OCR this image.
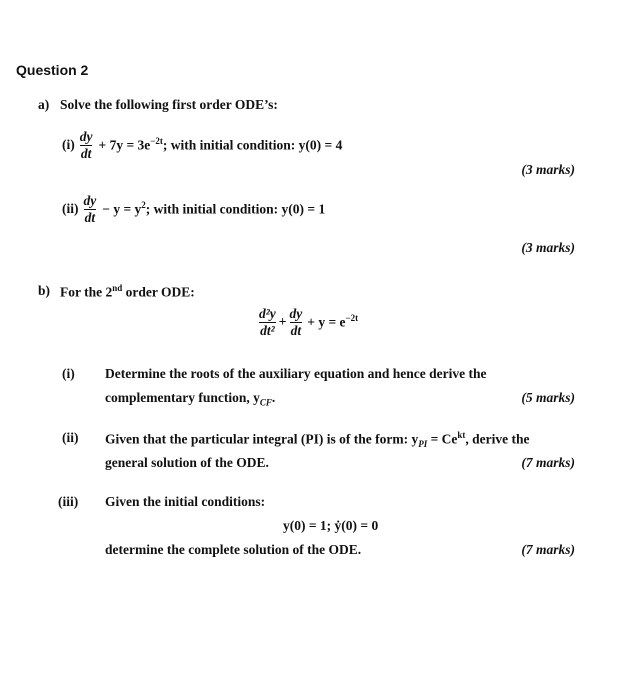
Question 2
a) Solve the following first order ODE’s:
$(i) \frac{dy}{dt} + 7y = 3e^{-2t}$; with initial condition: y(0) = 4
(3 marks)
$(ii) \frac{dy}{dt} - y = y^2$; with initial condition: y(0) = 1
(3 marks)
b) For the 2nd order ODE:
$\frac{\text{d²y}}{\text{dt²}} + \frac{dy}{dt} + y = e^{-2t}$
(i) Determine the roots of the auxiliary equation and hence derive the
complementary function, $y_{CF}$.	(5 marks)
(ii) Given that the particular integral (PI) is of the form: $y_{PI} = Ce^{kt}$, derive the
general solution of the ODE.	(7 marks)
(iii) Given the initial conditions:
y(0) = 1; ẏ(0) = 0
determine the complete solution of the ODE.	(7 marks)
